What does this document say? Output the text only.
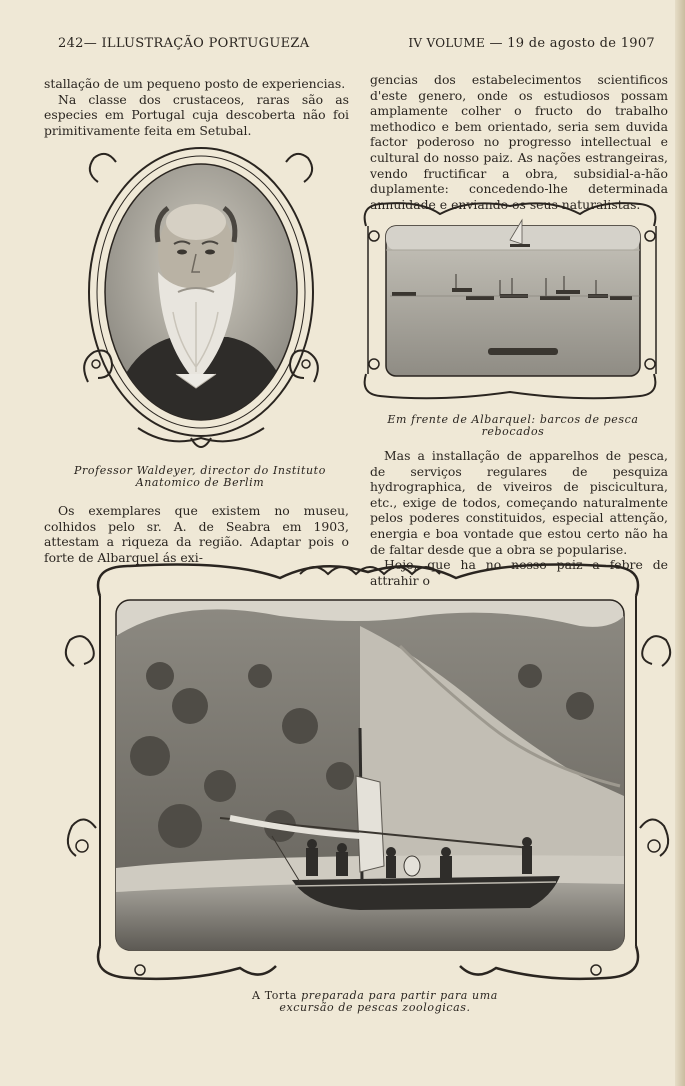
242— ILLUSTRAÇÃO PORTUGUEZA	IV VOLUME — 19 de agosto de 1907

stallação de um pequeno posto de experiencias.

Na classe dos crustaceos, raras são as especies em Portugal cuja descoberta não foi primitivamente feita em Setubal.

Professor Waldeyer, director do Instituto
Anatomico de Berlim

Os exemplares que existem no museu, colhidos pelo sr. A. de Seabra em 1903, attestam a riqueza da região. Adaptar pois o forte de Albarquel ás exi-

gencias dos estabelecimentos scientificos d'este genero, onde os estudiosos possam amplamente colher o fructo do trabalho methodico e bem orientado, seria sem duvida factor poderoso no progresso intellectual e cultural do nosso paiz. As nações estrangeiras, vendo fructificar a obra, subsidial-a-hão duplamente: concedendo-lhe determinada annuidade e enviando os seus naturalistas.

Em frente de Albarquel: barcos de pesca rebocados

Mas a installação de apparelhos de pesca, de serviços regulares de pesquiza hydrographica, de viveiros de piscicultura, etc., exige de todos, começando naturalmente pelos poderes constituidos, especial attenção, energia e boa vontade que estou certo não ha de faltar desde que a obra se popularise.

Hoje, que ha no nosso paiz a febre de attrahir o

A Torta preparada para partir para uma
excursão de pescas zoologicas.
